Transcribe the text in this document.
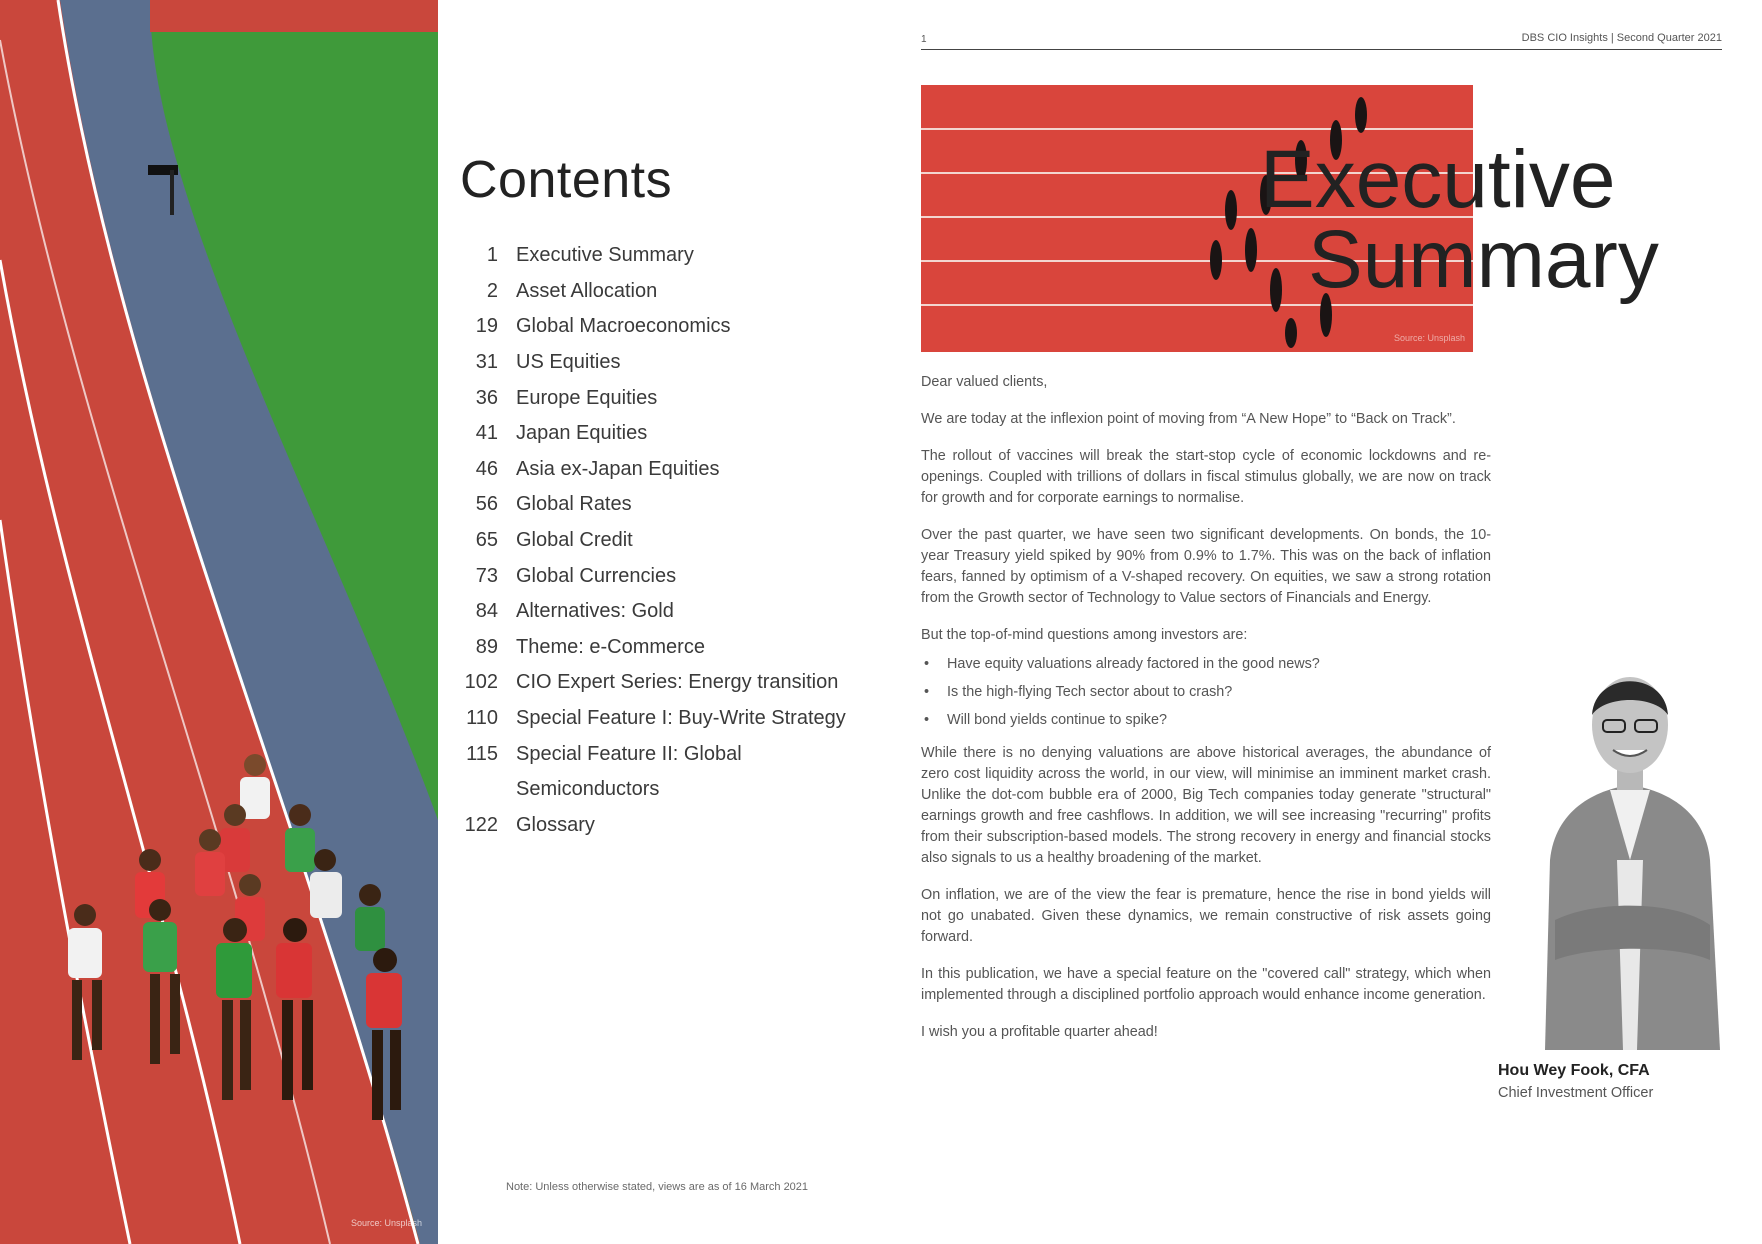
Source: Unsplash
Contents
1 Executive Summary
2 Asset Allocation
19 Global Macroeconomics
31 US Equities
36 Europe Equities
41 Japan Equities
46 Asia ex-Japan Equities
56 Global Rates
65 Global Credit
73 Global Currencies
84 Alternatives: Gold
89 Theme: e-Commerce
102 CIO Expert Series: Energy transition
110 Special Feature I: Buy-Write Strategy
115 Special Feature II: Global
Semiconductors
122 Glossary
Note: Unless otherwise stated, views are as of 16 March 2021
1	DBS CIO Insights | Second Quarter 2021
Source: Unsplash
Executive
Summary

Dear valued clients,

We are today at the inflexion point of moving from “A New Hope” to “Back on Track”.

The rollout of vaccines will break the start-stop cycle of economic lockdowns and re-openings. Coupled with trillions of dollars in fiscal stimulus globally, we are now on track for growth and for corporate earnings to normalise.

Over the past quarter, we have seen two significant developments. On bonds, the 10-year Treasury yield spiked by 90% from 0.9% to 1.7%. This was on the back of inflation fears, fanned by optimism of a V-shaped recovery. On equities, we saw a strong rotation from the Growth sector of Technology to Value sectors of Financials and Energy.

But the top-of-mind questions among investors are:

• Have equity valuations already factored in the good news?
• Is the high-flying Tech sector about to crash?
• Will bond yields continue to spike?

While there is no denying valuations are above historical averages, the abundance of zero cost liquidity across the world, in our view, will minimise an imminent market crash. Unlike the dot-com bubble era of 2000, Big Tech companies today generate "structural" earnings growth and free cashflows. In addition, we will see increasing "recurring" profits from their subscription-based models. The strong recovery in energy and financial stocks also signals to us a healthy broadening of the market.

On inflation, we are of the view the fear is premature, hence the rise in bond yields will not go unabated. Given these dynamics, we remain constructive of risk assets going forward.

In this publication, we have a special feature on the "covered call" strategy, which when implemented through a disciplined portfolio approach would enhance income generation.

I wish you a profitable quarter ahead!

Hou Wey Fook, CFA
Chief Investment Officer
